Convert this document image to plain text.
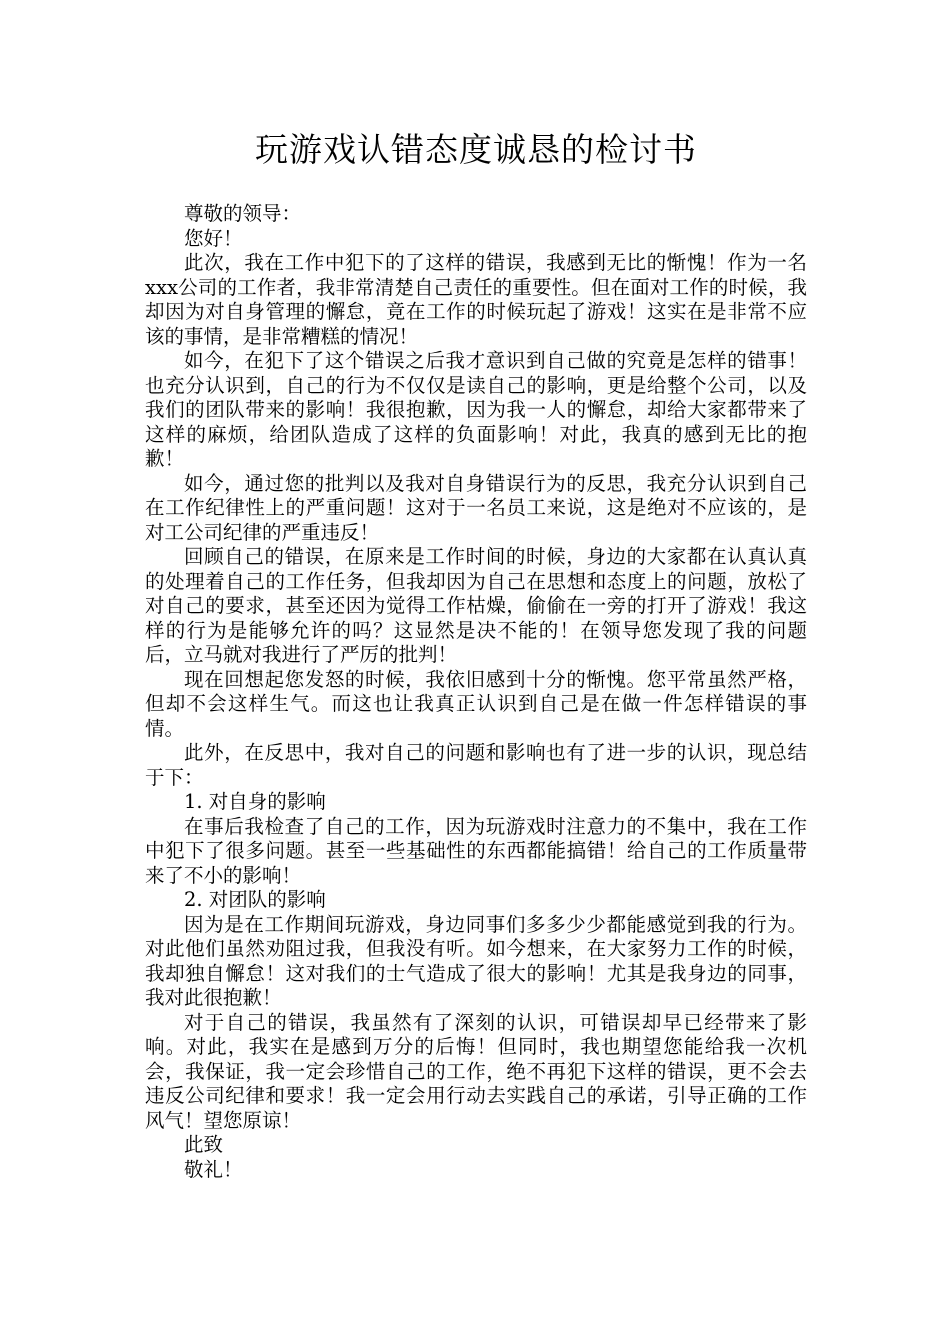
玩游戏认错态度诚恳的检讨书

尊敬的领导：

您好！

此次，我在工作中犯下的了这样的错误，我感到无比的惭愧！作为一名xxx公司的工作者，我非常清楚自己责任的重要性。但在面对工作的时候，我却因为对自身管理的懈怠，竟在工作的时候玩起了游戏！这实在是非常不应该的事情，是非常糟糕的情况！

如今，在犯下了这个错误之后我才意识到自己做的究竟是怎样的错事！也充分认识到，自己的行为不仅仅是读自己的影响，更是给整个公司，以及我们的团队带来的影响！我很抱歉，因为我一人的懈怠，却给大家都带来了这样的麻烦，给团队造成了这样的负面影响！对此，我真的感到无比的抱歉！

如今，通过您的批判以及我对自身错误行为的反思，我充分认识到自己在工作纪律性上的严重问题！这对于一名员工来说，这是绝对不应该的，是对工公司纪律的严重违反！

回顾自己的错误，在原来是工作时间的时候，身边的大家都在认真认真的处理着自己的工作任务，但我却因为自己在思想和态度上的问题，放松了对自己的要求，甚至还因为觉得工作枯燥，偷偷在一旁的打开了游戏！我这样的行为是能够允许的吗？这显然是决不能的！在领导您发现了我的问题后，立马就对我进行了严厉的批判！

现在回想起您发怒的时候，我依旧感到十分的惭愧。您平常虽然严格，但却不会这样生气。而这也让我真正认识到自己是在做一件怎样错误的事情。

此外，在反思中，我对自己的问题和影响也有了进一步的认识，现总结于下：

1. 对自身的影响

在事后我检查了自己的工作，因为玩游戏时注意力的不集中，我在工作中犯下了很多问题。甚至一些基础性的东西都能搞错！给自己的工作质量带来了不小的影响！

2. 对团队的影响

因为是在工作期间玩游戏，身边同事们多多少少都能感觉到我的行为。对此他们虽然劝阻过我，但我没有听。如今想来，在大家努力工作的时候，我却独自懈怠！这对我们的士气造成了很大的影响！尤其是我身边的同事，我对此很抱歉！

对于自己的错误，我虽然有了深刻的认识，可错误却早已经带来了影响。对此，我实在是感到万分的后悔！但同时，我也期望您能给我一次机会，我保证，我一定会珍惜自己的工作，绝不再犯下这样的错误，更不会去违反公司纪律和要求！我一定会用行动去实践自己的承诺，引导正确的工作风气！望您原谅！

此致

敬礼！
